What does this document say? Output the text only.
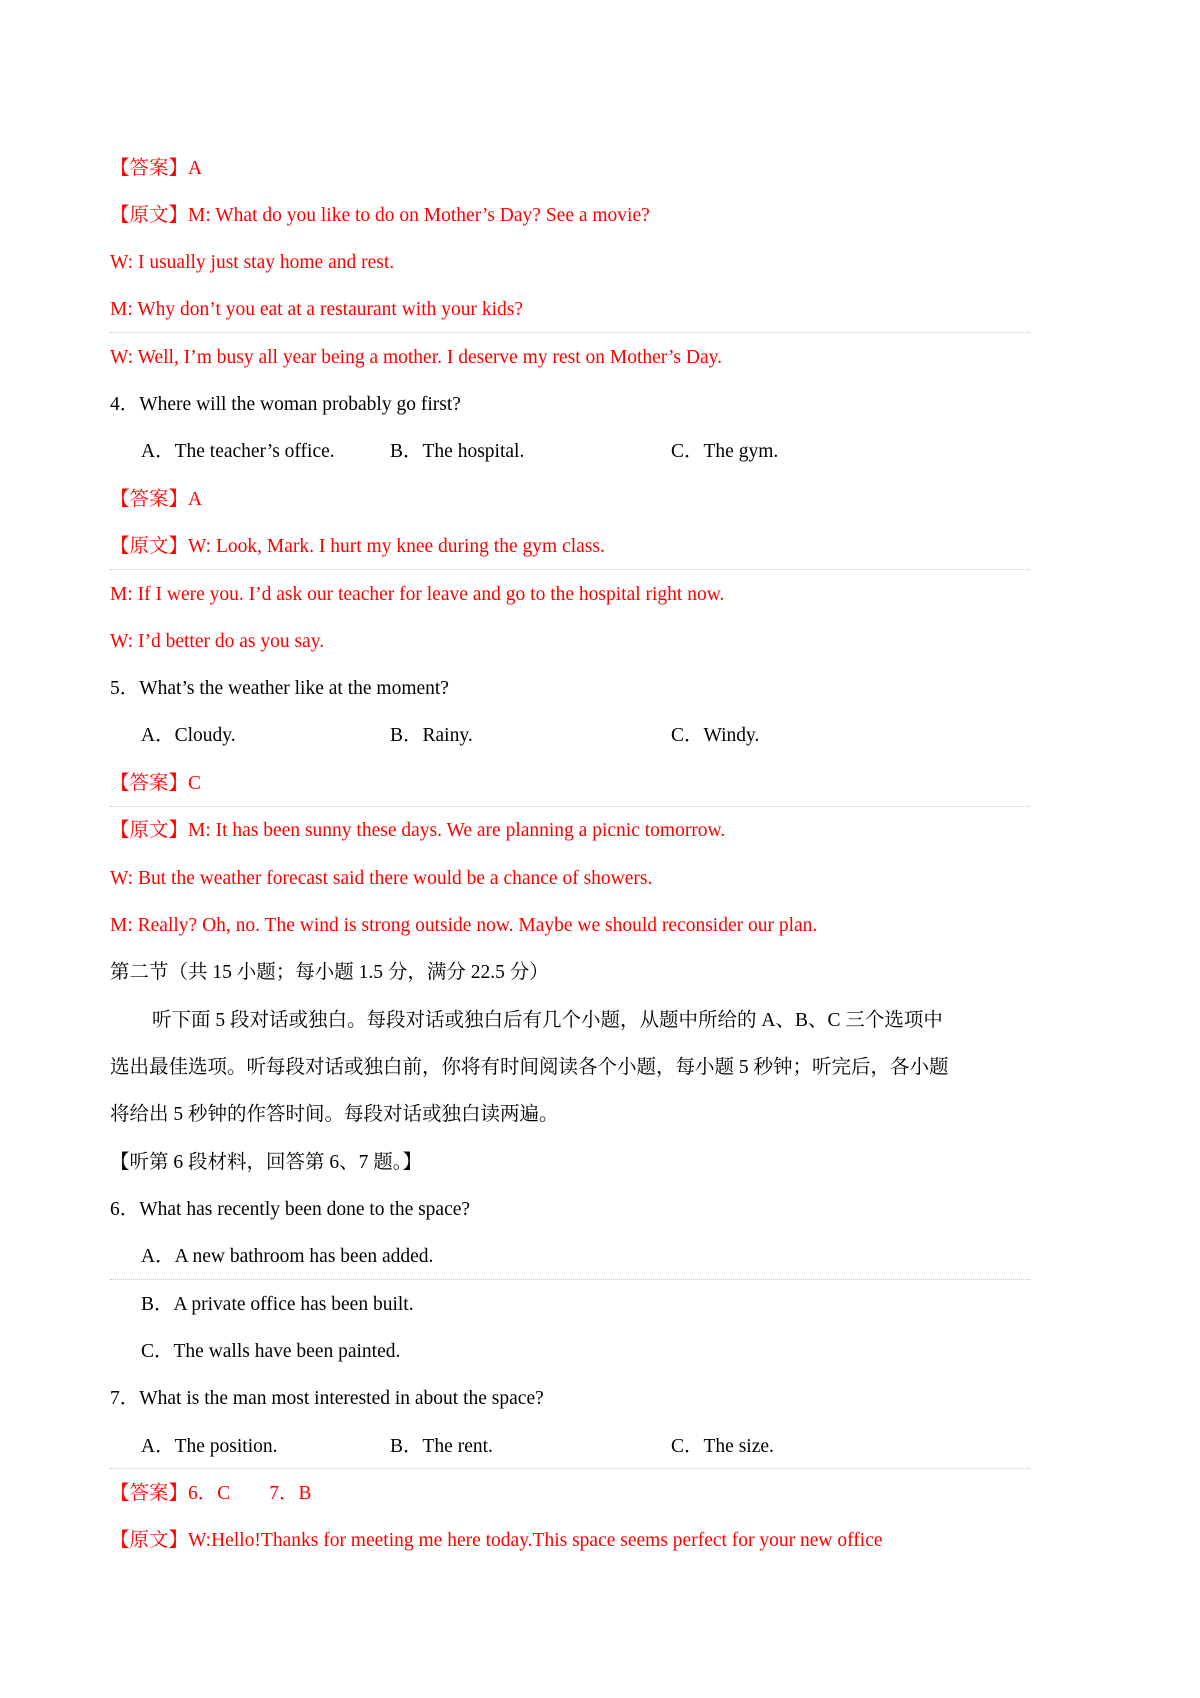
【答案】A
【原文】M: What do you like to do on Mother’s Day? See a movie?
W: I usually just stay home and rest.
M: Why don’t you eat at a restaurant with your kids?
W: Well, I’m busy all year being a mother. I deserve my rest on Mother’s Day.
4．Where will the woman probably go first?
A．The teacher’s office.	B．The hospital.	C．The gym.
【答案】A
【原文】W: Look, Mark. I hurt my knee during the gym class.
M: If I were you. I’d ask our teacher for leave and go to the hospital right now.
W: I’d better do as you say.
5．What’s the weather like at the moment?
A．Cloudy.	B．Rainy.	C．Windy.
【答案】C
【原文】M: It has been sunny these days. We are planning a picnic tomorrow.
W: But the weather forecast said there would be a chance of showers.
M: Really? Oh, no. The wind is strong outside now. Maybe we should reconsider our plan.
第二节（共 15 小题；每小题 1.5 分，满分 22.5 分）
听下面 5 段对话或独白。每段对话或独白后有几个小题，从题中所给的 A、B、C 三个选项中
选出最佳选项。听每段对话或独白前，你将有时间阅读各个小题，每小题 5 秒钟；听完后，各小题
将给出 5 秒钟的作答时间。每段对话或独白读两遍。
【听第 6 段材料，回答第 6、7 题。】
6．What has recently been done to the space?
A．A new bathroom has been added.
B．A private office has been built.
C．The walls have been painted.
7．What is the man most interested in about the space?
A．The position.	B．The rent.	C．The size.
【答案】6．C　　7．B
【原文】W:Hello!Thanks for meeting me here today.This space seems perfect for your new office
